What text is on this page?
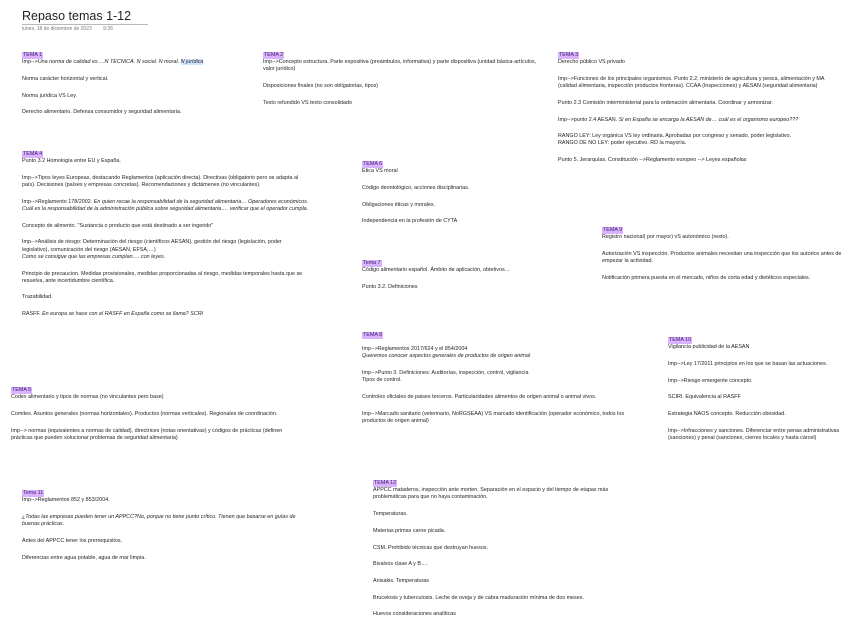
Repaso temas 1-12
lunes, 18 de diciembre de 2023 9:26
TEMA 1

Imp-->Una norma de calidad es….N TECNICA. N social. N moral. N jurídica

Norma carácter horizontal y vertical.

Norma jurídica VS Ley.

Derecho alimentario. Defensa consumidor y seguridad alimentaria.

TEMA 2

Imp-->Concepto estructura. Parte expositiva (preámbulos, informativa) y parte dispositiva (unidad básica-artículos, valor jurídico)

Disposiciones finales (no son obligatorias, tipos)

Texto refundido VS texto consolidado

TEMA 3

Derecho público VS privado

Imp-->Funciones de los principales organismos. Punto 2.2, ministerio de agricultura y pesca, alimentación y MA (calidad alimentaria, inspección productos fronteras). CCAA (Inspecciones) y AESAN (seguridad alimentaria)

Punto 2.3 Comisión interministerial para la ordenación alimentaria. Coordinar y armonizar.

Imp-->punto 2.4 AESAN. Si en España se encarga la AESAN de… cuál es el organismo europeo???

RANGO LEY: Ley orgánica VS ley ordinaria. Aprobadas por congreso y senado, poder legislativo.
RANGO DE NO LEY: poder ejecutivo. RD la mayoría.

Punto 5. Jerarquías. Constitución -->Reglamento europeo --> Leyes españolas

TEMA 4

Punto 3.2 Homología entre EU y España.

Imp-->Tipos leyes Europeas, destacando Reglamentos (aplicación directa). Directivas (obligatorio pero se adapta al país). Decisiones (países y empresas concretas). Recomendaciones y dictámenes (no vinculantes).

Imp-->Reglamento 178/2002. En quien recae la responsabilidad de la seguridad alimentaria… Operadores económicos. Cuál es la responsabilidad de la administración pública sobre seguridad alimentaria…. verificar que el operador cumpla.

Concepto de alimento. "Sustancia o producto que está destinado a ser ingerido"

Imp-->Análisis de riesgo: Determinación del riesgo (científicos AESAN), gestión del riesgo (legislación, poder legislativo), comunicación del riesgo (AESAN, EFSA,…)
Como se consigue que las empresas cumplan…. con leyes.

Principio de precaucion. Medidas provisionales, medidas proporcionadas al riesgo, medidas temporales hasta que se resuelva, ante incertidumbre científica.

Trazabilidad.

RASFF. En europa se hace con el RASFF en España como se llama? SCRI

TEMA 6

Etica VS moral

Código deontológico, acciones disciplinarias.

Obligaciones éticas y morales.

Independencia en la profesión de CYTA

TEMA 9

Registro nacional( por mayor) vS autonómico (resto).

Autorización VS inspección. Productos animales necesitan una inspección que los autorice antes de empezar la actividad.

Notificación primera puesta en el mercado, niños de corta edad y dietéticos especiales.

Tema 7

Código alimentario español. Ámbito de aplicación, obtetivos…

Punto 3.2. Definiciones

TEMA 8

Imp-->Reglamentos 2017/624 y el 854/2004
Queremos conocer aspectos generales de productos de origen animal

Imp-->Punto 3. Definiciones: Auditorías, inspección, control, vigilancia
Tipos de control.

Controles oficiales de paises terceros. Particularidades alimentos de origen animal o animal vivos.

Imp-->Marcado sanitario (veterinario, NoRGSEAA) VS marcado identificación (operador económico, todos los productos de origen animal)

TEMA 10

Vigilancia publicidad de la AESAN

Imp-->Ley 17/2011 principios en los que se basan las actuaciones.

Imp-->Riesgo emergente concepto.

SCIRI. Equivalencia al RASFF

Estrategia NAOS concepto. Reducción obesidad.

Imp-->Infracciones y sanciones. Diferenciar entre penas administrativas (sanciones) y penal (sanciones, cierres locales y hasta cárcel)

TEMA 5

Codex alimentario y tipos de normas (no vinculantes pero base)

Comites. Asuntos generales (normas horizontales). Productos (normas verticales). Regionales de coordinación.

Imp--> normas (equivalentes a normas de calidad), directrices (notas orientativas) y códigos de prácticas (definen prácticas que pueden solucionar problemas de seguridad alimentaria)

TEMA 12

APPCC mataderos, inspección ante morten. Separación en el espacio y del tiempo de etapas más problemáticas para que no haya contaminación.

Temperaturas.

Materias primas carne picada.

CSM. Prohibido técnicas que destruyan huesos.

Bivalvos clase A y B….

Anisakis. Temperaturas

Brucelosis y tuberculosis. Leche de oveja y de cabra maduración mínima de dos meses.

Huevos consideraciones analíticas

Tema 11

Imp-->Reglamentos 852 y 853/2004.

¿Todas las empresas pueden tener un APPCC?No, porque no tiene punto crítico. Tienen que basarse en guías de buenas prácticas.

Antes del APPCC tener los prerrequisitos.

Diferencias entre agua potable, agua de mar limpia.
